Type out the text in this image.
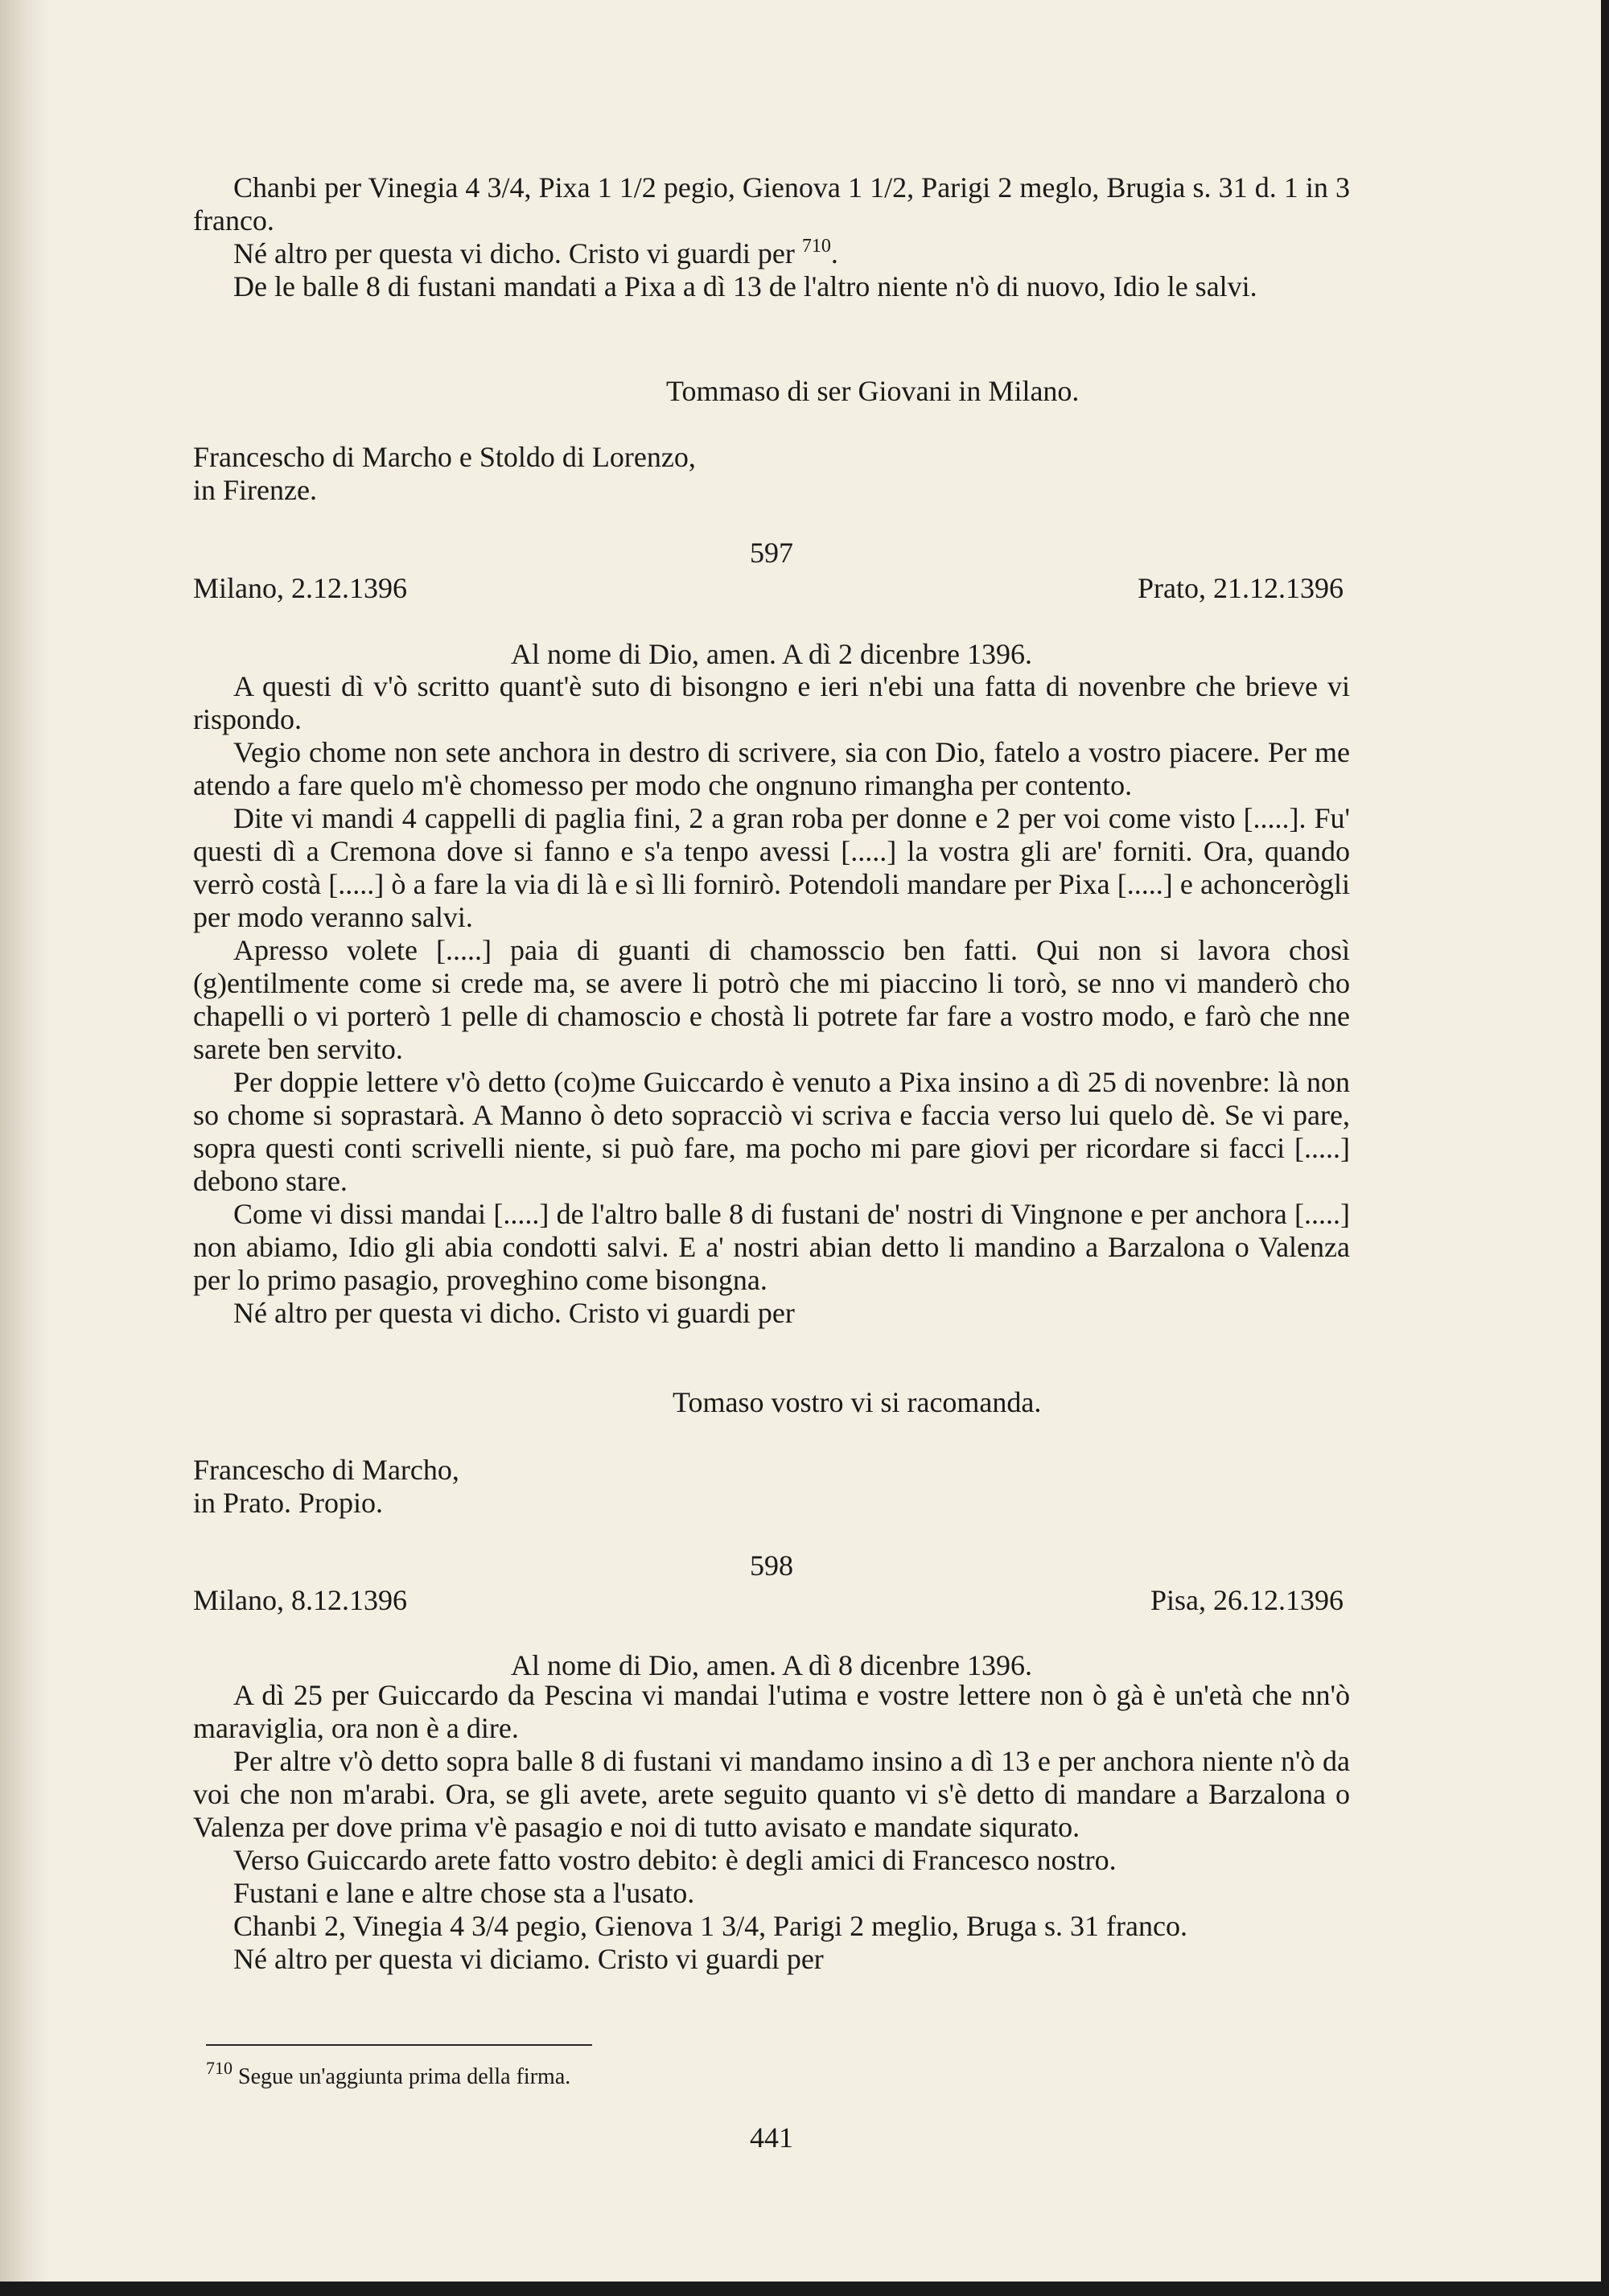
Chanbi per Vinegia 4 3/4, Pixa 1 1/2 pegio, Gienova 1 1/2, Parigi 2 meglo, Brugia s. 31 d. 1 in 3 franco.
Né altro per questa vi dicho. Cristo vi guardi per $^{710}$.
De le balle 8 di fustani mandati a Pixa a dì 13 de l'altro niente n'ò di nuovo, Idio le salvi.
Tommaso di ser Giovani in Milano.
Francescho di Marcho e Stoldo di Lorenzo,
in Firenze.
597
Milano, 2.12.1396	Prato, 21.12.1396
Al nome di Dio, amen. A dì 2 dicenbre 1396.
A questi dì v'ò scritto quant'è suto di bisongno e ieri n'ebi una fatta di novenbre che brieve vi rispondo.
Vegio chome non sete anchora in destro di scrivere, sia con Dio, fatelo a vostro piacere. Per me atendo a fare quelo m'è chomesso per modo che ongnuno rimangha per contento.
Dite vi mandi 4 cappelli di paglia fini, 2 a gran roba per donne e 2 per voi come visto [.....]. Fu' questi dì a Cremona dove si fanno e s'a tenpo avessi [.....] la vostra gli are' forniti. Ora, quando verrò costà [.....] ò a fare la via di là e sì lli fornirò. Potendoli mandare per Pixa [.....] e achoncerògli per modo veranno salvi.
Apresso volete [.....] paia di guanti di chamosscio ben fatti. Qui non si lavora chosì (g)entilmente come si crede ma, se avere li potrò che mi piaccino li torò, se nno vi manderò cho chapelli o vi porterò 1 pelle di chamoscio e chostà li potrete far fare a vostro modo, e farò che nne sarete ben servito.
Per doppie lettere v'ò detto (co)me Guiccardo è venuto a Pixa insino a dì 25 di novenbre: là non so chome si soprastarà. A Manno ò deto sopracciò vi scriva e faccia verso lui quelo dè. Se vi pare, sopra questi conti scrivelli niente, si può fare, ma pocho mi pare giovi per ricordare si facci [.....] debono stare.
Come vi dissi mandai [.....] de l'altro balle 8 di fustani de' nostri di Vingnone e per anchora [.....] non abiamo, Idio gli abia condotti salvi. E a' nostri abian detto li mandino a Barzalona o Valenza per lo primo pasagio, proveghino come bisongna.
Né altro per questa vi dicho. Cristo vi guardi per
Tomaso vostro vi si racomanda.
Francescho di Marcho,
in Prato. Propio.
598
Milano, 8.12.1396	Pisa, 26.12.1396
Al nome di Dio, amen. A dì 8 dicenbre 1396.
A dì 25 per Guiccardo da Pescina vi mandai l'utima e vostre lettere non ò gà è un'età che nn'ò maraviglia, ora non è a dire.
Per altre v'ò detto sopra balle 8 di fustani vi mandamo insino a dì 13 e per anchora niente n'ò da voi che non m'arabi. Ora, se gli avete, arete seguito quanto vi s'è detto di mandare a Barzalona o Valenza per dove prima v'è pasagio e noi di tutto avisato e mandate siqurato.
Verso Guiccardo arete fatto vostro debito: è degli amici di Francesco nostro.
Fustani e lane e altre chose sta a l'usato.
Chanbi 2, Vinegia 4 3/4 pegio, Gienova 1 3/4, Parigi 2 meglio, Bruga s. 31 franco.
Né altro per questa vi diciamo. Cristo vi guardi per
$^{710}$ Segue un'aggiunta prima della firma.
441
